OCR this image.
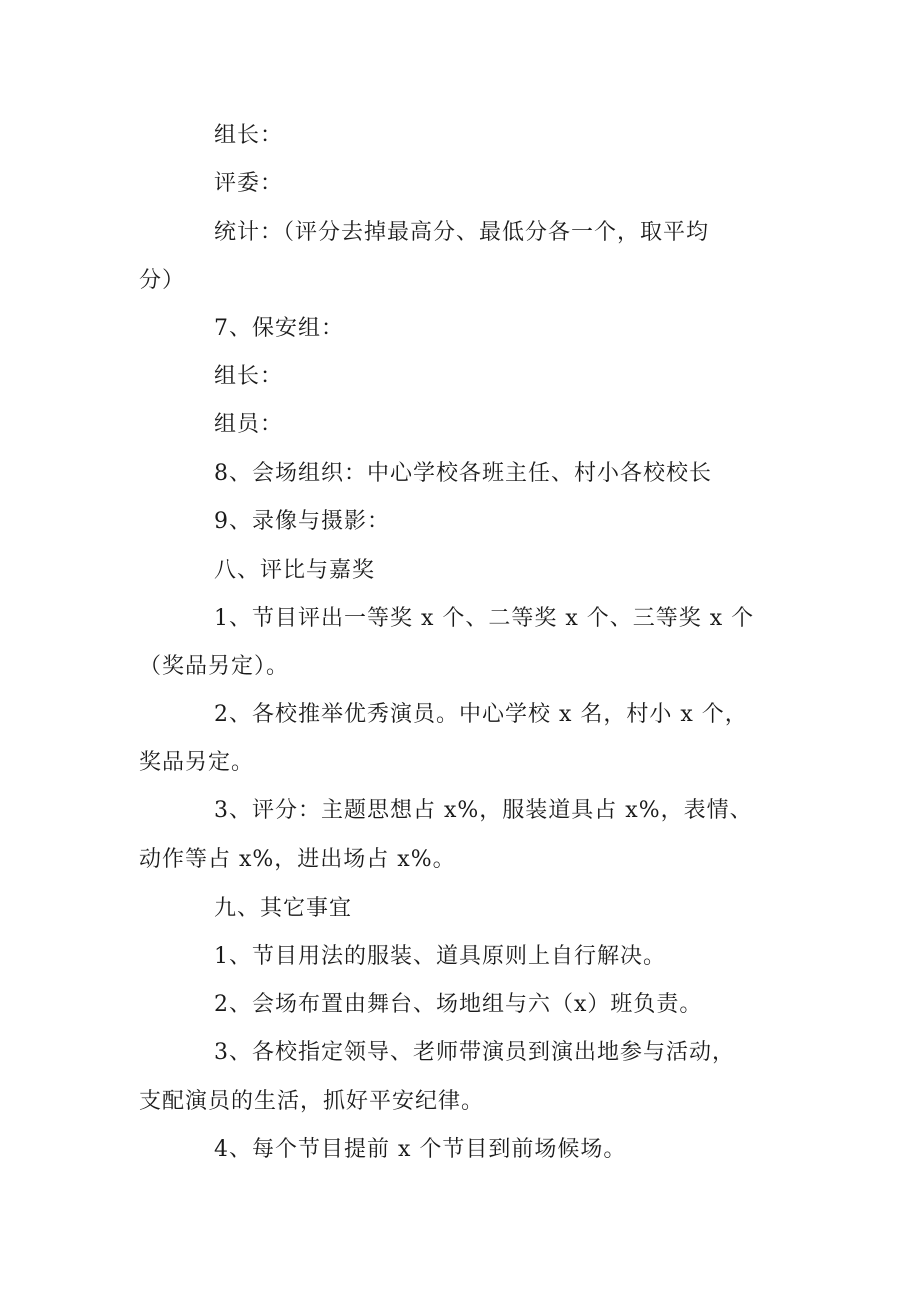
组长：

评委：

统计：（评分去掉最高分、最低分各一个，取平均

分）

7、保安组：

组长：

组员：

8、会场组织：中心学校各班主任、村小各校校长

9、录像与摄影：

八、评比与嘉奖

1、节目评出一等奖 x 个、二等奖 x 个、三等奖 x 个

（奖品另定）。

2、各校推举优秀演员。中心学校 x 名，村小 x 个，

奖品另定。

3、评分：主题思想占 x%，服装道具占 x%，表情、

动作等占 x%，进出场占 x%。

九、其它事宜

1、节目用法的服装、道具原则上自行解决。

2、会场布置由舞台、场地组与六（x）班负责。

3、各校指定领导、老师带演员到演出地参与活动，

支配演员的生活，抓好平安纪律。

4、每个节目提前 x 个节目到前场候场。
